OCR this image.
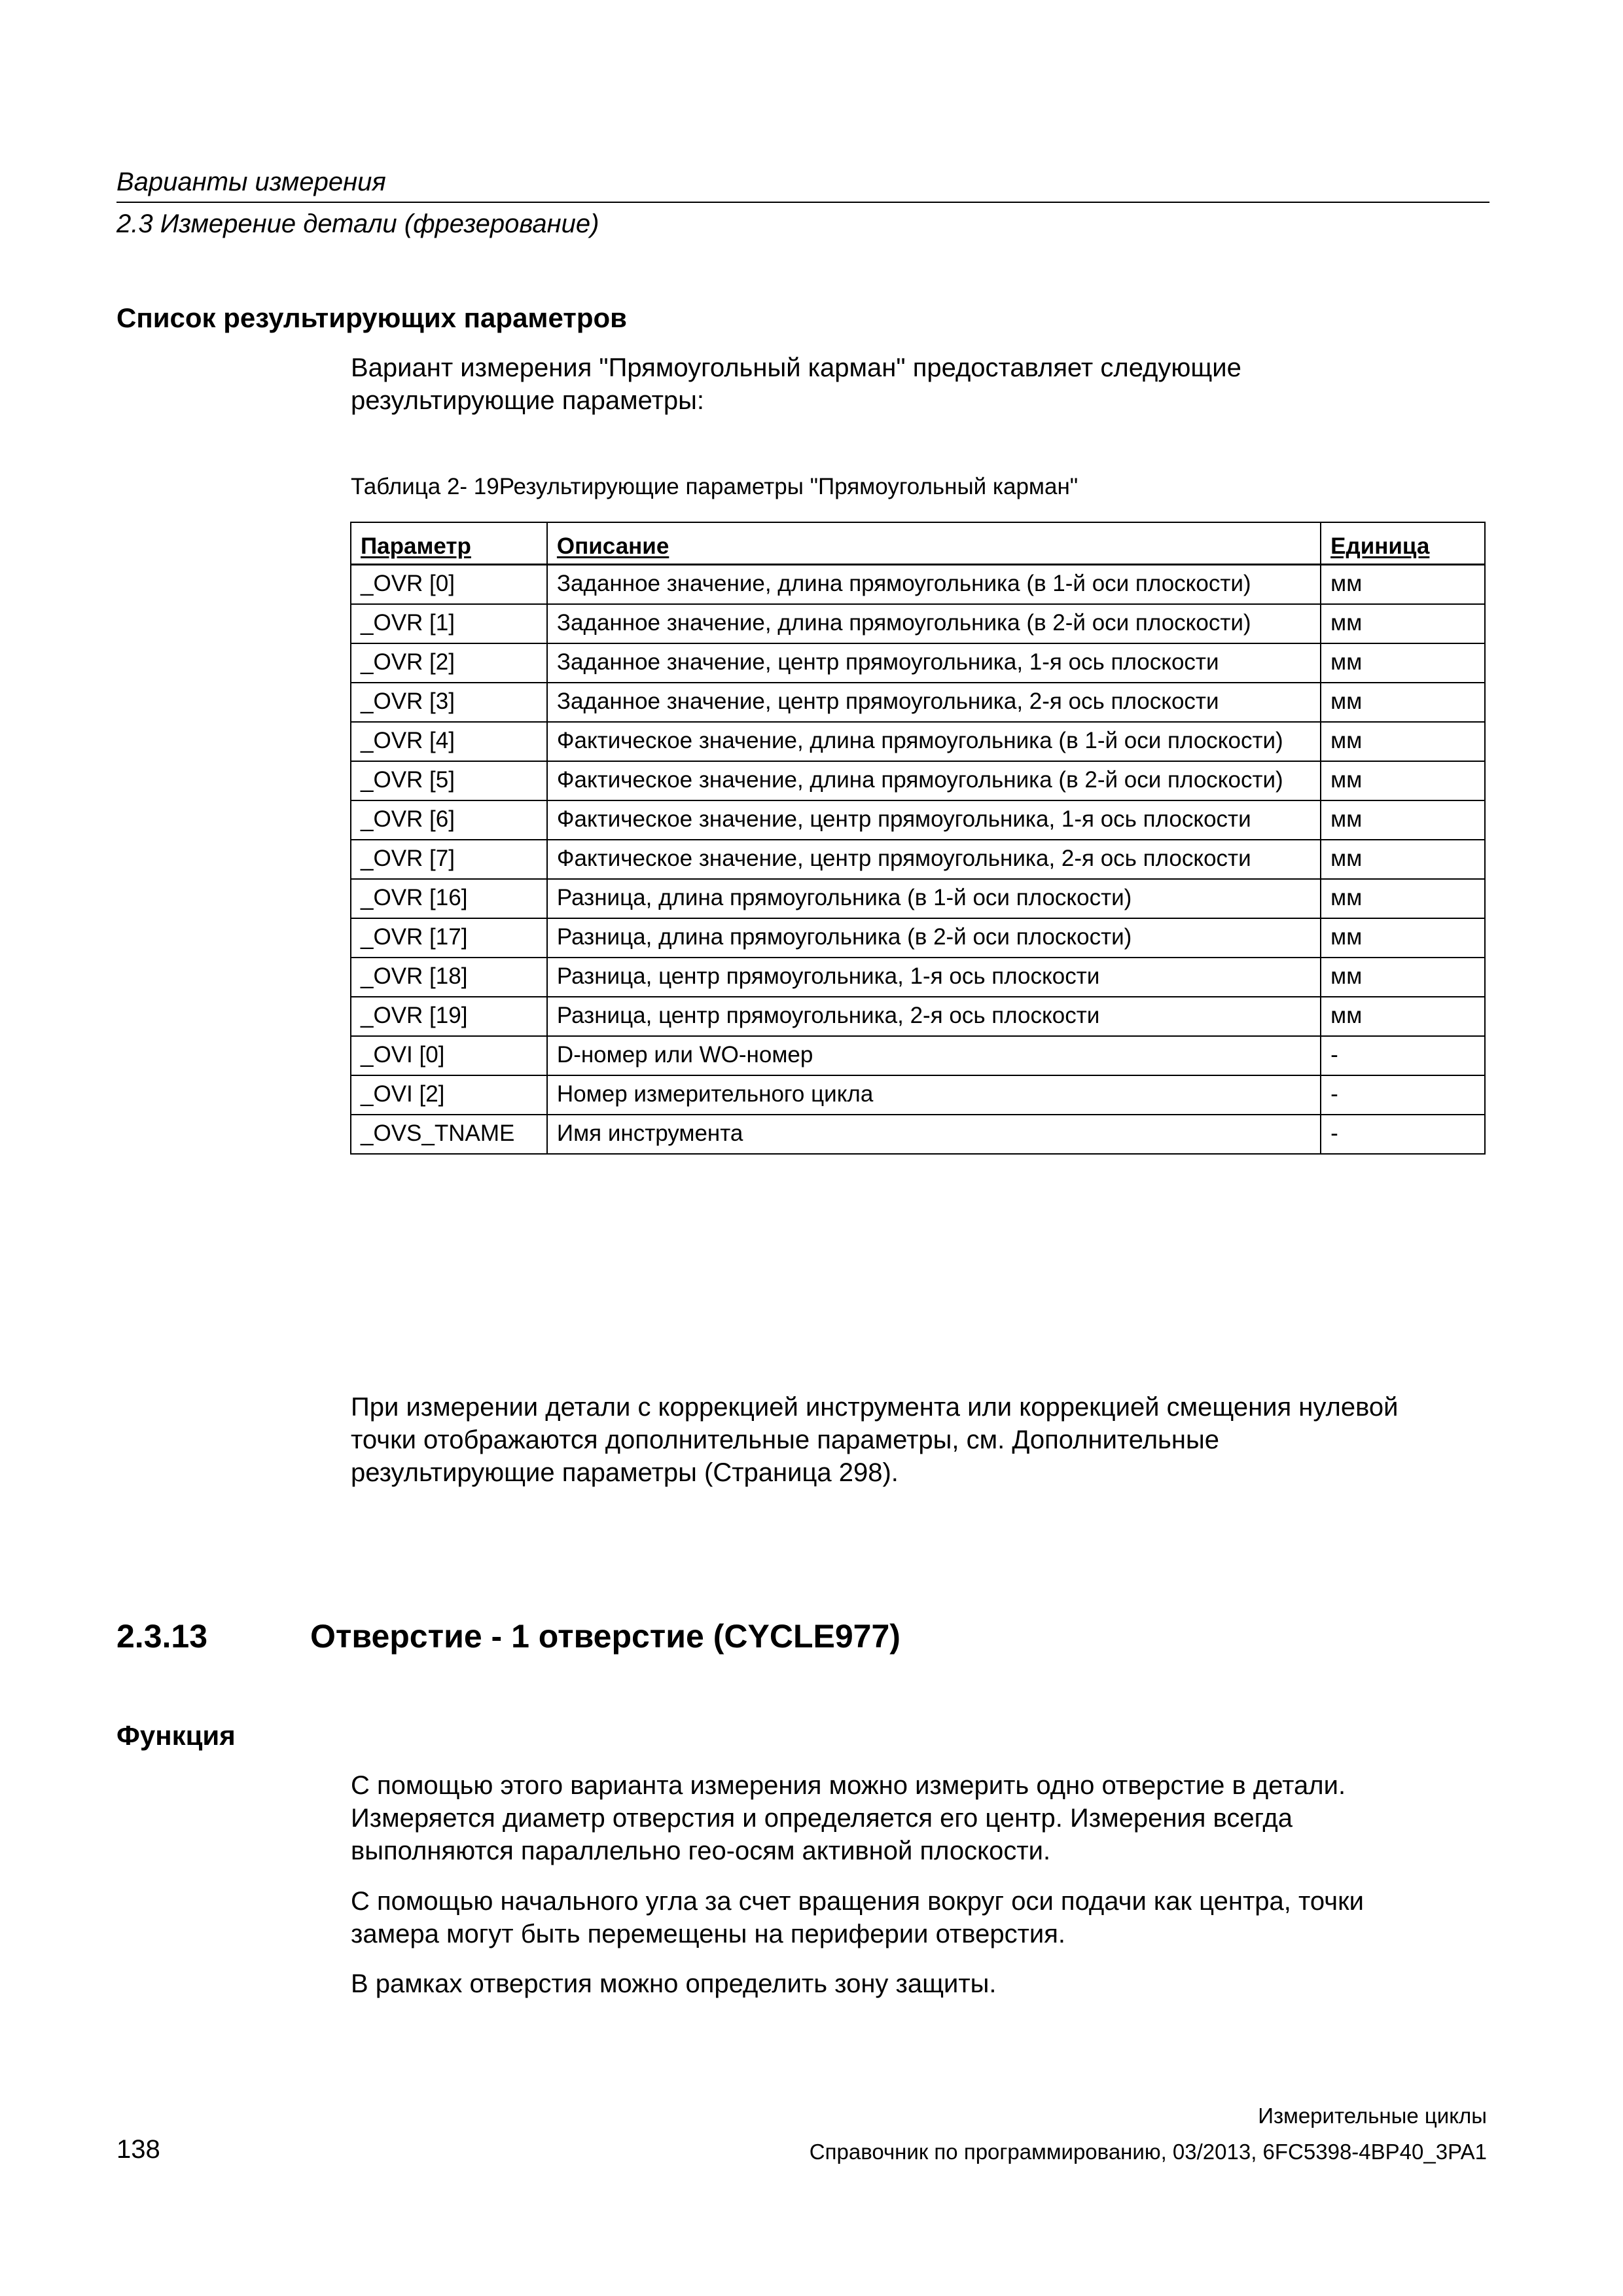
Варианты измерения
2.3 Измерение детали (фрезерование)
Список результирующих параметров
Вариант измерения "Прямоугольный карман" предоставляет следующие
результирующие параметры:
Таблица 2- 19Результирующие параметры "Прямоугольный карман"
Параметр	Описание	Единица
_OVR [0]	Заданное значение, длина прямоугольника (в 1-й оси плоскости)	мм
_OVR [1]	Заданное значение, длина прямоугольника (в 2-й оси плоскости)	мм
_OVR [2]	Заданное значение, центр прямоугольника, 1-я ось плоскости	мм
_OVR [3]	Заданное значение, центр прямоугольника, 2-я ось плоскости	мм
_OVR [4]	Фактическое значение, длина прямоугольника (в 1-й оси плоскости)	мм
_OVR [5]	Фактическое значение, длина прямоугольника (в 2-й оси плоскости)	мм
_OVR [6]	Фактическое значение, центр прямоугольника, 1-я ось плоскости	мм
_OVR [7]	Фактическое значение, центр прямоугольника, 2-я ось плоскости	мм
_OVR [16]	Разница, длина прямоугольника (в 1-й оси плоскости)	мм
_OVR [17]	Разница, длина прямоугольника (в 2-й оси плоскости)	мм
_OVR [18]	Разница, центр прямоугольника, 1-я ось плоскости	мм
_OVR [19]	Разница, центр прямоугольника, 2-я ось плоскости	мм
_OVI [0]	D-номер или WO-номер	-
_OVI [2]	Номер измерительного цикла	-
_OVS_TNAME	Имя инструмента	-
При измерении детали с коррекцией инструмента или коррекцией смещения нулевой
точки отображаются дополнительные параметры, см. Дополнительные
результирующие параметры (Страница 298).
2.3.13	Отверстие - 1 отверстие (CYCLE977)
Функция
С помощью этого варианта измерения можно измерить одно отверстие в детали.
Измеряется диаметр отверстия и определяется его центр. Измерения всегда
выполняются параллельно гео-осям активной плоскости.
С помощью начального угла за счет вращения вокруг оси подачи как центра, точки
замера могут быть перемещены на периферии отверстия.
В рамках отверстия можно определить зону защиты.
Измерительные циклы
138	Справочник по программированию, 03/2013, 6FC5398-4BP40_3PA1
